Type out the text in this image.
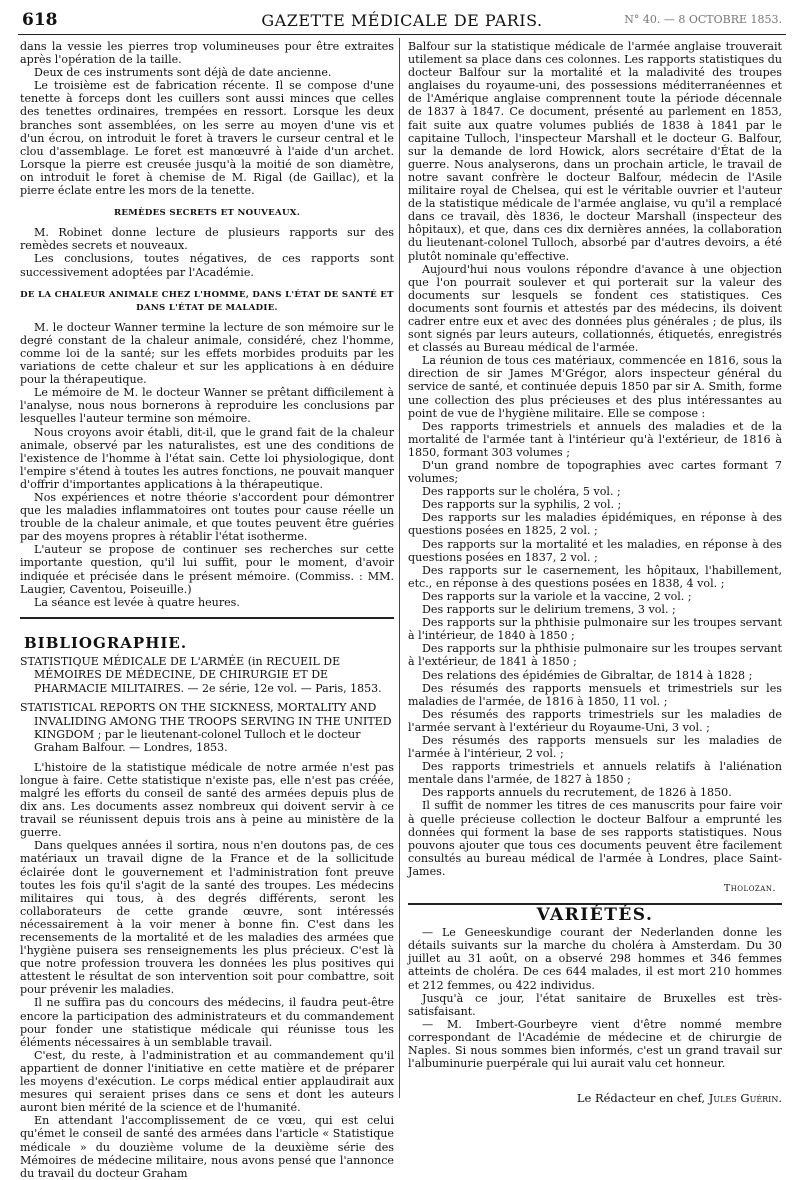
618	GAZETTE MÉDICALE DE PARIS.	N° 40. — 8 OCTOBRE 1853.

dans la vessie les pierres trop volumineuses pour être extraites après l'opération de la taille.

Deux de ces instruments sont déjà de date ancienne.

Le troisième est de fabrication récente. Il se compose d'une tenette à forceps dont les cuillers sont aussi minces que celles des tenettes ordinaires, trempées en ressort. Lorsque les deux branches sont assemblées, on les serre au moyen d'une vis et d'un écrou, on introduit le foret à travers le curseur central et le clou d'assemblage. Le foret est manœuvré à l'aide d'un archet. Lorsque la pierre est creusée jusqu'à la moitié de son diamètre, on introduit le foret à chemise de M. Rigal (de Gaillac), et la pierre éclate entre les mors de la tenette.

REMÈDES SECRETS ET NOUVEAUX.

M. Robinet donne lecture de plusieurs rapports sur des remèdes secrets et nouveaux.

Les conclusions, toutes négatives, de ces rapports sont successivement adoptées par l'Académie.

DE LA CHALEUR ANIMALE CHEZ L'HOMME, DANS L'ÉTAT DE SANTÉ ET DANS L'ÉTAT DE MALADIE.

M. le docteur Wanner termine la lecture de son mémoire sur le degré constant de la chaleur animale, considéré, chez l'homme, comme loi de la santé; sur les effets morbides produits par les variations de cette chaleur et sur les applications à en déduire pour la thérapeutique.

Le mémoire de M. le docteur Wanner se prêtant difficilement à l'analyse, nous nous bornerons à reproduire les conclusions par lesquelles l'auteur termine son mémoire.

Nous croyons avoir établi, dit-il, que le grand fait de la chaleur animale, observé par les naturalistes, est une des conditions de l'existence de l'homme à l'état sain. Cette loi physiologique, dont l'empire s'étend à toutes les autres fonctions, ne pouvait manquer d'offrir d'importantes applications à la thérapeutique.

Nos expériences et notre théorie s'accordent pour démontrer que les maladies inflammatoires ont toutes pour cause réelle un trouble de la chaleur animale, et que toutes peuvent être guéries par des moyens propres à rétablir l'état isotherme.

L'auteur se propose de continuer ses recherches sur cette importante question, qu'il lui suffit, pour le moment, d'avoir indiquée et précisée dans le présent mémoire. (Commiss. : MM. Laugier, Caventou, Poiseuille.)

La séance est levée à quatre heures.

BIBLIOGRAPHIE.
STATISTIQUE MÉDICALE DE L'ARMÉE (in RECUEIL DE MÉMOIRES DE MÉDECINE, DE CHIRURGIE ET DE PHARMACIE MILITAIRES. — 2e série, 12e vol. — Paris, 1853.
STATISTICAL REPORTS ON THE SICKNESS, MORTALITY AND INVALIDING AMONG THE TROOPS SERVING IN THE UNITED KINGDOM ; par le lieutenant-colonel Tulloch et le docteur Graham Balfour. — Londres, 1853.

L'histoire de la statistique médicale de notre armée n'est pas longue à faire. Cette statistique n'existe pas, elle n'est pas créée, malgré les efforts du conseil de santé des armées depuis plus de dix ans. Les documents assez nombreux qui doivent servir à ce travail se réunissent depuis trois ans à peine au ministère de la guerre.

Dans quelques années il sortira, nous n'en doutons pas, de ces matériaux un travail digne de la France et de la sollicitude éclairée dont le gouvernement et l'administration font preuve toutes les fois qu'il s'agit de la santé des troupes. Les médecins militaires qui tous, à des degrés différents, seront les collaborateurs de cette grande œuvre, sont intéressés nécessairement à la voir mener à bonne fin. C'est dans les recensements de la mortalité et de les maladies des armées que l'hygiène puisera ses renseignements les plus précieux. C'est là que notre profession trouvera les données les plus positives qui attestent le résultat de son intervention soit pour combattre, soit pour prévenir les maladies.

Il ne suffira pas du concours des médecins, il faudra peut-être encore la participation des administrateurs et du commandement pour fonder une statistique médicale qui réunisse tous les éléments nécessaires à un semblable travail.

C'est, du reste, à l'administration et au commandement qu'il appartient de donner l'initiative en cette matière et de préparer les moyens d'exécution. Le corps médical entier applaudirait aux mesures qui seraient prises dans ce sens et dont les auteurs auront bien mérité de la science et de l'humanité.

En attendant l'accomplissement de ce vœu, qui est celui qu'émet le conseil de santé des armées dans l'article « Statistique médicale » du douzième volume de la deuxième série des Mémoires de médecine militaire, nous avons pensé que l'annonce du travail du docteur Graham

Balfour sur la statistique médicale de l'armée anglaise trouverait utilement sa place dans ces colonnes. Les rapports statistiques du docteur Balfour sur la mortalité et la maladivité des troupes anglaises du royaume-uni, des possessions méditerranéennes et de l'Amérique anglaise comprennent toute la période décennale de 1837 à 1847. Ce document, présenté au parlement en 1853, fait suite aux quatre volumes publiés de 1838 à 1841 par le capitaine Tulloch, l'inspecteur Marshall et le docteur G. Balfour, sur la demande de lord Howick, alors secrétaire d'État de la guerre. Nous analyserons, dans un prochain article, le travail de notre savant confrère le docteur Balfour, médecin de l'Asile militaire royal de Chelsea, qui est le véritable ouvrier et l'auteur de la statistique médicale de l'armée anglaise, vu qu'il a remplacé dans ce travail, dès 1836, le docteur Marshall (inspecteur des hôpitaux), et que, dans ces dix dernières années, la collaboration du lieutenant-colonel Tulloch, absorbé par d'autres devoirs, a été plutôt nominale qu'effective.

Aujourd'hui nous voulons répondre d'avance à une objection que l'on pourrait soulever et qui porterait sur la valeur des documents sur lesquels se fondent ces statistiques. Ces documents sont fournis et attestés par des médecins, ils doivent cadrer entre eux et avec des données plus générales ; de plus, ils sont signés par leurs auteurs, collationnés, étiquetés, enregistrés et classés au Bureau médical de l'armée.

La réunion de tous ces matériaux, commencée en 1816, sous la direction de sir James M'Grégor, alors inspecteur général du service de santé, et continuée depuis 1850 par sir A. Smith, forme une collection des plus précieuses et des plus intéressantes au point de vue de l'hygiène militaire. Elle se compose :

Des rapports trimestriels et annuels des maladies et de la mortalité de l'armée tant à l'intérieur qu'à l'extérieur, de 1816 à 1850, formant 303 volumes ;

D'un grand nombre de topographies avec cartes formant 7 volumes;

Des rapports sur le choléra, 5 vol. ;

Des rapports sur la syphilis, 2 vol. ;

Des rapports sur les maladies épidémiques, en réponse à des questions posées en 1825, 2 vol. ;

Des rapports sur la mortalité et les maladies, en réponse à des questions posées en 1837, 2 vol. ;

Des rapports sur le casernement, les hôpitaux, l'habillement, etc., en réponse à des questions posées en 1838, 4 vol. ;

Des rapports sur la variole et la vaccine, 2 vol. ;

Des rapports sur le delirium tremens, 3 vol. ;

Des rapports sur la phthisie pulmonaire sur les troupes servant à l'intérieur, de 1840 à 1850 ;

Des rapports sur la phthisie pulmonaire sur les troupes servant à l'extérieur, de 1841 à 1850 ;

Des relations des épidémies de Gibraltar, de 1814 à 1828 ;

Des résumés des rapports mensuels et trimestriels sur les maladies de l'armée, de 1816 à 1850, 11 vol. ;

Des résumés des rapports trimestriels sur les maladies de l'armée servant à l'extérieur du Royaume-Uni, 3 vol. ;

Des résumés des rapports mensuels sur les maladies de l'armée à l'intérieur, 2 vol. ;

Des rapports trimestriels et annuels relatifs à l'aliénation mentale dans l'armée, de 1827 à 1850 ;

Des rapports annuels du recrutement, de 1826 à 1850.

Il suffit de nommer les titres de ces manuscrits pour faire voir à quelle précieuse collection le docteur Balfour a emprunté les données qui forment la base de ses rapports statistiques. Nous pouvons ajouter que tous ces documents peuvent être facilement consultés au bureau médical de l'armée à Londres, place Saint-James.

Tholozan.
VARIÉTÉS.

— Le Geneeskundige courant der Nederlanden donne les détails suivants sur la marche du choléra à Amsterdam. Du 30 juillet au 31 août, on a observé 298 hommes et 346 femmes atteints de choléra. De ces 644 malades, il est mort 210 hommes et 212 femmes, ou 422 individus.

Jusqu'à ce jour, l'état sanitaire de Bruxelles est très-satisfaisant.

— M. Imbert-Gourbeyre vient d'être nommé membre correspondant de l'Académie de médecine et de chirurgie de Naples. Si nous sommes bien informés, c'est un grand travail sur l'albuminurie puerpérale qui lui aurait valu cet honneur.

Le Rédacteur en chef, Jules Guérin.
